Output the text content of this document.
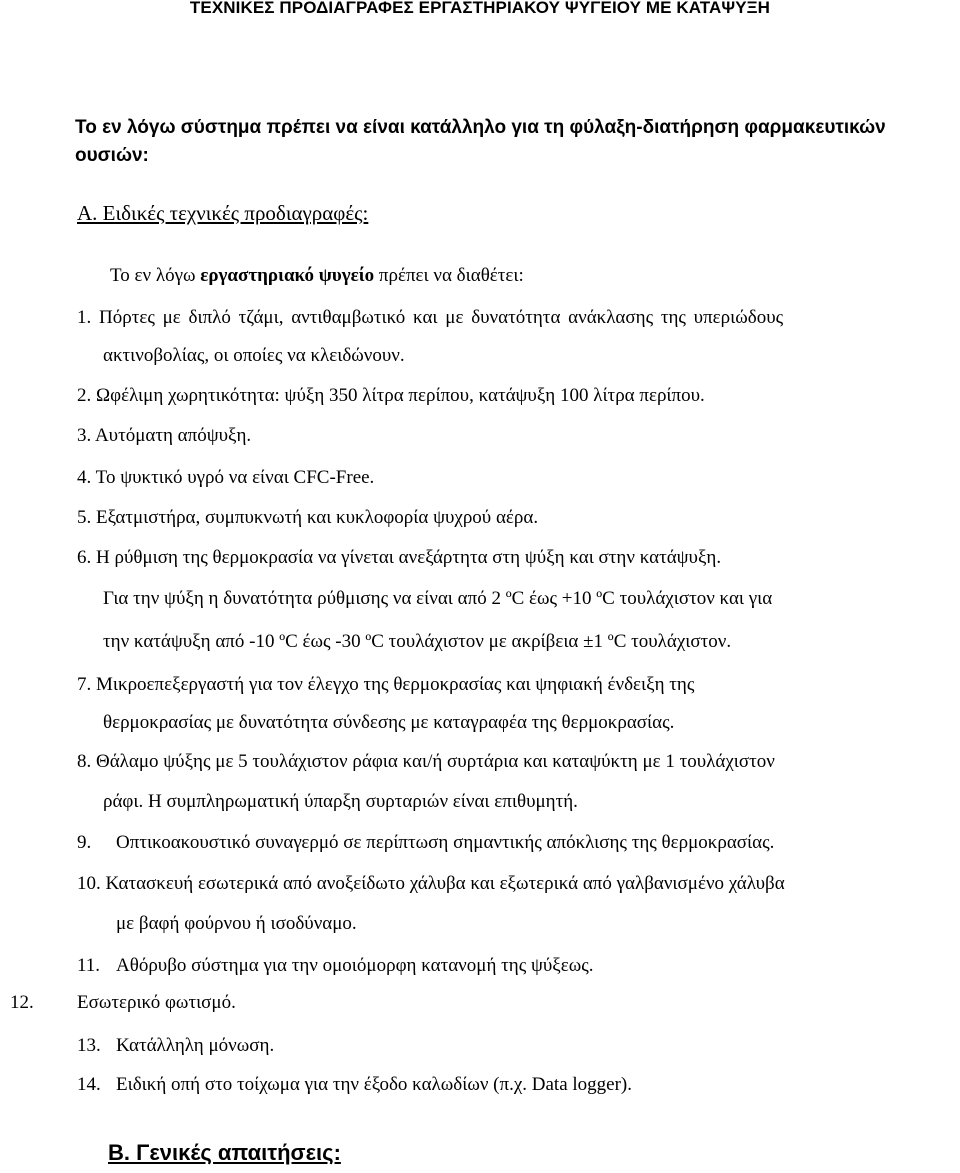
ΤΕΧΝΙΚΕΣ ΠΡΟΔΙΑΓΡΑΦΕΣ ΕΡΓΑΣΤΗΡΙΑΚΟΥ ΨΥΓΕΙΟΥ ΜΕ ΚΑΤΑΨΥΞΗ
Το εν λόγω σύστημα πρέπει να είναι κατάλληλο για τη φύλαξη-διατήρηση φαρμακευτικών
ουσιών:
Α. Ειδικές τεχνικές προδιαγραφές:
Το εν λόγω εργαστηριακό ψυγείο πρέπει να διαθέτει:
1. Πόρτες με διπλό τζάμι, αντιθαμβωτικό και με δυνατότητα ανάκλασης της υπεριώδους
ακτινοβολίας, οι οποίες να κλειδώνουν.
2. Ωφέλιμη χωρητικότητα: ψύξη 350 λίτρα περίπου, κατάψυξη 100 λίτρα περίπου.
3. Αυτόματη απόψυξη.
4. Το ψυκτικό υγρό να είναι CFC-Free.
5. Εξατμιστήρα, συμπυκνωτή και κυκλοφορία ψυχρού αέρα.
6. Η ρύθμιση της θερμοκρασία να γίνεται ανεξάρτητα στη ψύξη και στην κατάψυξη.
Για την ψύξη η δυνατότητα ρύθμισης να είναι από 2 ºC έως +10 ºC τουλάχιστον και για
την κατάψυξη από -10 ºC έως -30 ºC τουλάχιστον με ακρίβεια ±1 ºC τουλάχιστον.
7. Μικροεπεξεργαστή για τον έλεγχο της θερμοκρασίας και ψηφιακή ένδειξη της
θερμοκρασίας με δυνατότητα σύνδεσης με καταγραφέα της θερμοκρασίας.
8. Θάλαμο ψύξης με 5 τουλάχιστον ράφια και/ή συρτάρια και καταψύκτη με 1 τουλάχιστον
ράφι. Η συμπληρωματική ύπαρξη συρταριών είναι επιθυμητή.
9. Οπτικοακουστικό συναγερμό σε περίπτωση σημαντικής απόκλισης της θερμοκρασίας.
10. Κατασκευή εσωτερικά από ανοξείδωτο χάλυβα και εξωτερικά από γαλβανισμένο χάλυβα
με βαφή φούρνου ή ισοδύναμο.
11. Αθόρυβο σύστημα για την ομοιόμορφη κατανομή της ψύξεως.
12. Εσωτερικό φωτισμό.
13. Κατάλληλη μόνωση.
14. Ειδική οπή στο τοίχωμα για την έξοδο καλωδίων (π.χ. Data logger).
Β. Γενικές απαιτήσεις:
